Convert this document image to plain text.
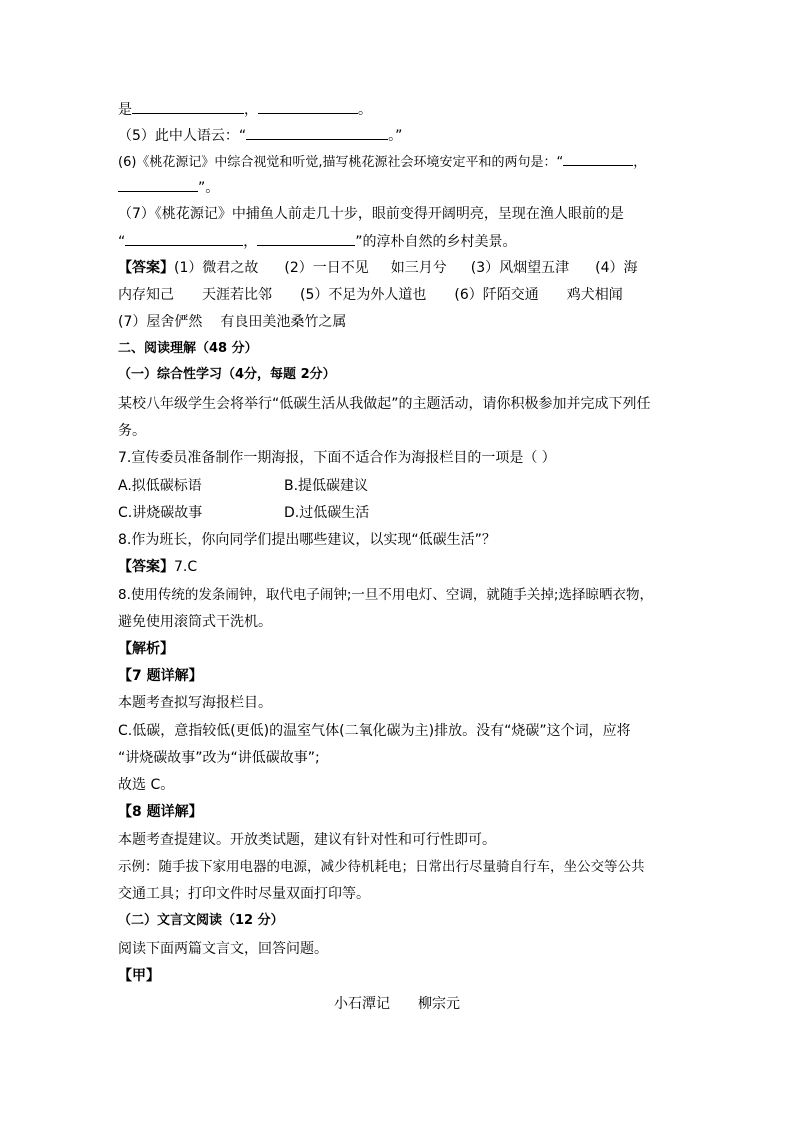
是	，	。
（5）此中人语云：“	。”
(6)《桃花源记》中综合视觉和听觉,描写桃花源社会环境安定平和的两句是：“	，
”。
（7）《桃花源记》中捕鱼人前走几十步，眼前变得开阔明亮，呈现在渔人眼前的是
“	，	”的淳朴自然的乡村美景。
【答案】(1）微君之故 (2）一日不见 如三月兮 (3）风烟望五津 (4）海
内存知己 天涯若比邻 (5）不足为外人道也 (6）阡陌交通 鸡犬相闻
(7）屋舍俨然 有良田美池桑竹之属
二、阅读理解（48 分）
（一）综合性学习（4分，每题 2分）
某校八年级学生会将举行“低碳生活从我做起”的主题活动，请你积极参加并完成下列任
务。
7.宣传委员准备制作一期海报，下面不适合作为海报栏目的一项是（ ）
A.拟低碳标语	B.提低碳建议
C.讲烧碳故事	D.过低碳生活
8.作为班长，你向同学们提出哪些建议，以实现“低碳生活”？
【答案】7.C
8.使用传统的发条闹钟，取代电子闹钟;一旦不用电灯、空调，就随手关掉;选择晾晒衣物，
避免使用滚筒式干洗机。
【解析】
【7 题详解】
本题考查拟写海报栏目。
C.低碳，意指较低(更低)的温室气体(二氧化碳为主)排放。没有“烧碳”这个词，应将
“讲烧碳故事”改为“讲低碳故事”;
故选 C。
【8 题详解】
本题考查提建议。开放类试题，建议有针对性和可行性即可。
示例：随手拔下家用电器的电源，减少待机耗电；日常出行尽量骑自行车，坐公交等公共
交通工具；打印文件时尽量双面打印等。
（二）文言文阅读（12 分）
阅读下面两篇文言文，回答问题。
【甲】
小石潭记 柳宗元
